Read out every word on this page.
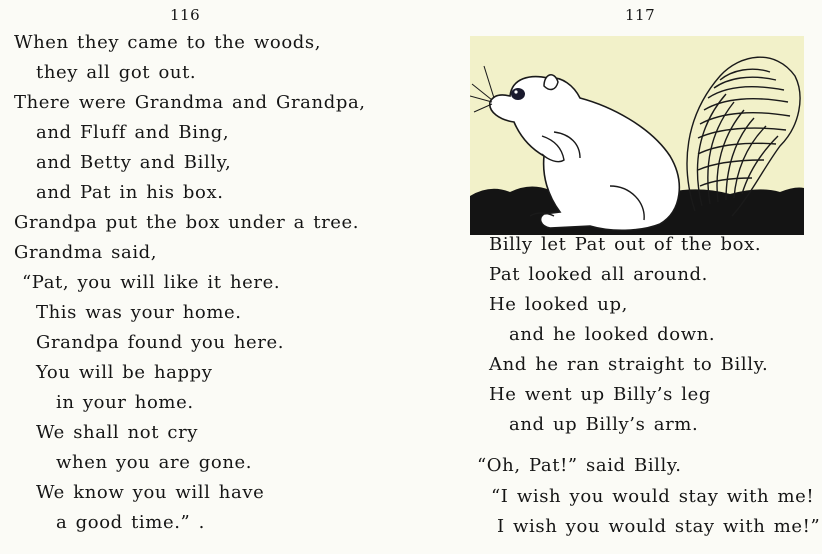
116
When they came to the woods,
they all got out.
There were Grandma and Grandpa,
and Fluff and Bing,
and Betty and Billy,
and Pat in his box.
Grandpa put the box under a tree.
Grandma said,
“Pat, you will like it here.
This was your home.
Grandpa found you here.
You will be happy
in your home.
We shall not cry
when you are gone.
We know you will have
a good time.” .
117
Billy let Pat out of the box.
Pat looked all around.
He looked up,
and he looked down.
And he ran straight to Billy.
He went up Billy’s leg
and up Billy’s arm.
“Oh, Pat!” said Billy.
“I wish you would stay with me!
I wish you would stay with me!”
